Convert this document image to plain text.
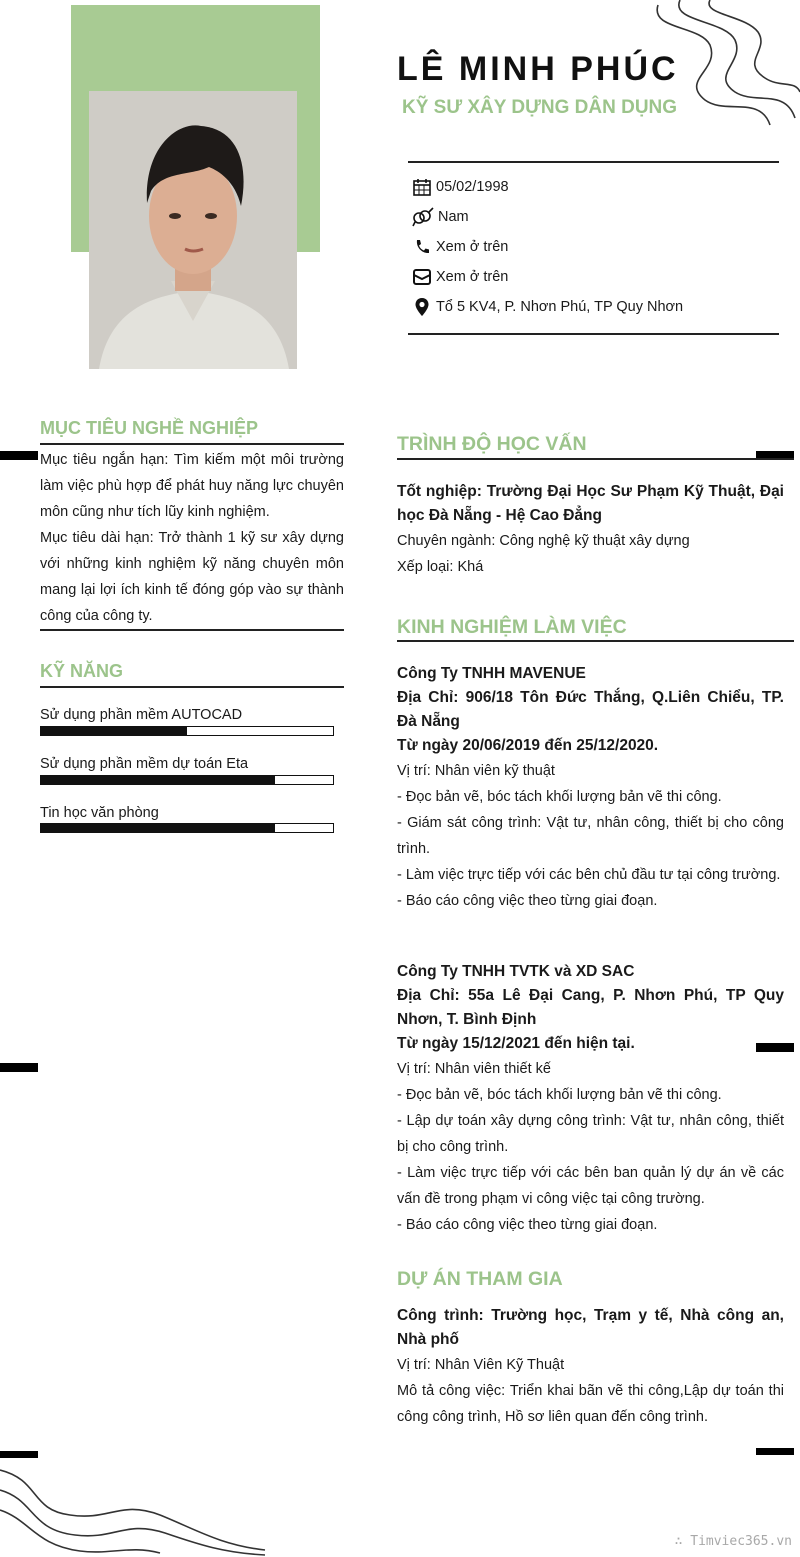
LÊ MINH PHÚC
KỸ SƯ XÂY DỰNG DÂN DỤNG
05/02/1998
Nam
Xem ở trên
Xem ở trên
Tổ 5 KV4, P. Nhơn Phú, TP Quy Nhơn
MỤC TIÊU NGHỀ NGHIỆP

Mục tiêu ngắn hạn: Tìm kiếm một môi trường làm việc phù hợp để phát huy năng lực chuyên môn cũng như tích lũy kinh nghiệm.

Mục tiêu dài hạn: Trở thành 1 kỹ sư xây dựng với những kinh nghiệm kỹ năng chuyên môn mang lại lợi ích kinh tế đóng góp vào sự thành công của công ty.

KỸ NĂNG
Sử dụng phần mềm AUTOCAD
Sử dụng phần mềm dự toán Eta
Tin học văn phòng
TRÌNH ĐỘ HỌC VẤN
Tốt nghiệp: Trường Đại Học Sư Phạm Kỹ Thuật, Đại học Đà Nẵng - Hệ Cao Đẳng
Chuyên ngành: Công nghệ kỹ thuật xây dựng
Xếp loại: Khá
KINH NGHIỆM LÀM VIỆC
Công Ty TNHH MAVENUE
Địa Chỉ: 906/18 Tôn Đức Thắng, Q.Liên Chiểu, TP. Đà Nẵng
Từ ngày 20/06/2019 đến 25/12/2020.
Vị trí: Nhân viên kỹ thuật
- Đọc bản vẽ, bóc tách khối lượng bản vẽ thi công.
- Giám sát công trình: Vật tư, nhân công, thiết bị cho công trình.
- Làm việc trực tiếp với các bên chủ đầu tư tại công trường.
- Báo cáo công việc theo từng giai đoạn.
Công Ty TNHH TVTK và XD SAC
Địa Chỉ: 55a Lê Đại Cang, P. Nhơn Phú, TP Quy Nhơn, T. Bình Định
Từ ngày 15/12/2021 đến hiện tại.
Vị trí: Nhân viên thiết kế
- Đọc bản vẽ, bóc tách khối lượng bản vẽ thi công.
- Lập dự toán xây dựng công trình: Vật tư, nhân công, thiết bị cho công trình.
- Làm việc trực tiếp với các bên ban quản lý dự án về các vấn đề trong phạm vi công việc tại công trường.
- Báo cáo công việc theo từng giai đoạn.
DỰ ÁN THAM GIA
Công trình: Trường học, Trạm y tế, Nhà công an, Nhà phố
Vị trí: Nhân Viên Kỹ Thuật
Mô tả công việc: Triển khai bãn vẽ thi công,Lập dự toán thi công công trình, Hồ sơ liên quan đến công trình.
∴ Timviec365.vn
